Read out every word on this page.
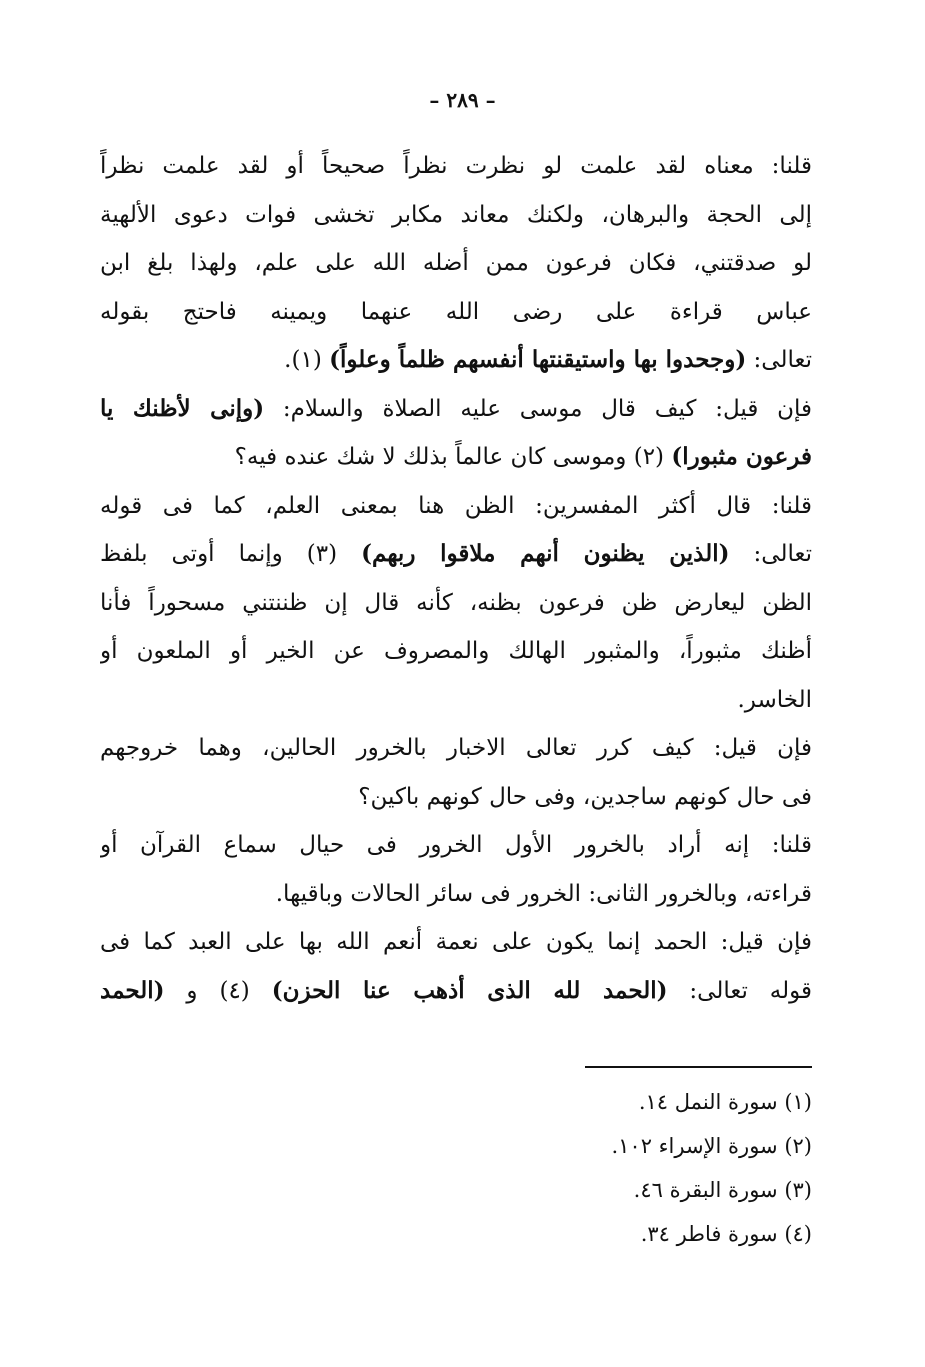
– ٢٨٩ –
قلنا: معناه لقد علمت لو نظرت نظراً صحيحاً أو لقد علمت نظراً
إلى الحجة والبرهان، ولكنك معاند مكابر تخشى فوات دعوى الألهية
لو صدقتني، فكان فرعون ممن أضله الله على علم، ولهذا بلغ ابن
عباس قراءة على رضى الله عنهما ويمينه فاحتج بقوله
تعالى: (وجحدوا بها واستيقنتها أنفسهم ظلماً وعلواً) (١).
فإن قيل: كيف قال موسى عليه الصلاة والسلام: (وإنى لأظنك يا
فرعون مثبورا) (٢) وموسى كان عالماً بذلك لا شك عنده فيه؟
قلنا: قال أكثر المفسرين: الظن هنا بمعنى العلم، كما فى قوله
تعالى: (الذين يظنون أنهم ملاقوا ربهم) (٣) وإنما أوتى بلفظ
الظن ليعارض ظن فرعون بظنه، كأنه قال إن ظننتني مسحوراً فأنا
أظنك مثبوراً، والمثبور الهالك والمصروف عن الخير أو الملعون أو
الخاسر.
فإن قيل: كيف كرر تعالى الاخبار بالخرور الحالين، وهما خروجهم
فى حال كونهم ساجدين، وفى حال كونهم باكين؟
قلنا: إنه أراد بالخرور الأول الخرور فى حيال سماع القرآن أو
قراءته، وبالخرور الثانى: الخرور فى سائر الحالات وباقيها.
فإن قيل: الحمد إنما يكون على نعمة أنعم الله بها على العبد كما فى
قوله تعالى: (الحمد لله الذى أذهب عنا الحزن) (٤) و (الحمد
(١) سورة النمل ١٤.
(٢) سورة الإسراء ١٠٢.
(٣) سورة البقرة ٤٦.
(٤) سورة فاطر ٣٤.
